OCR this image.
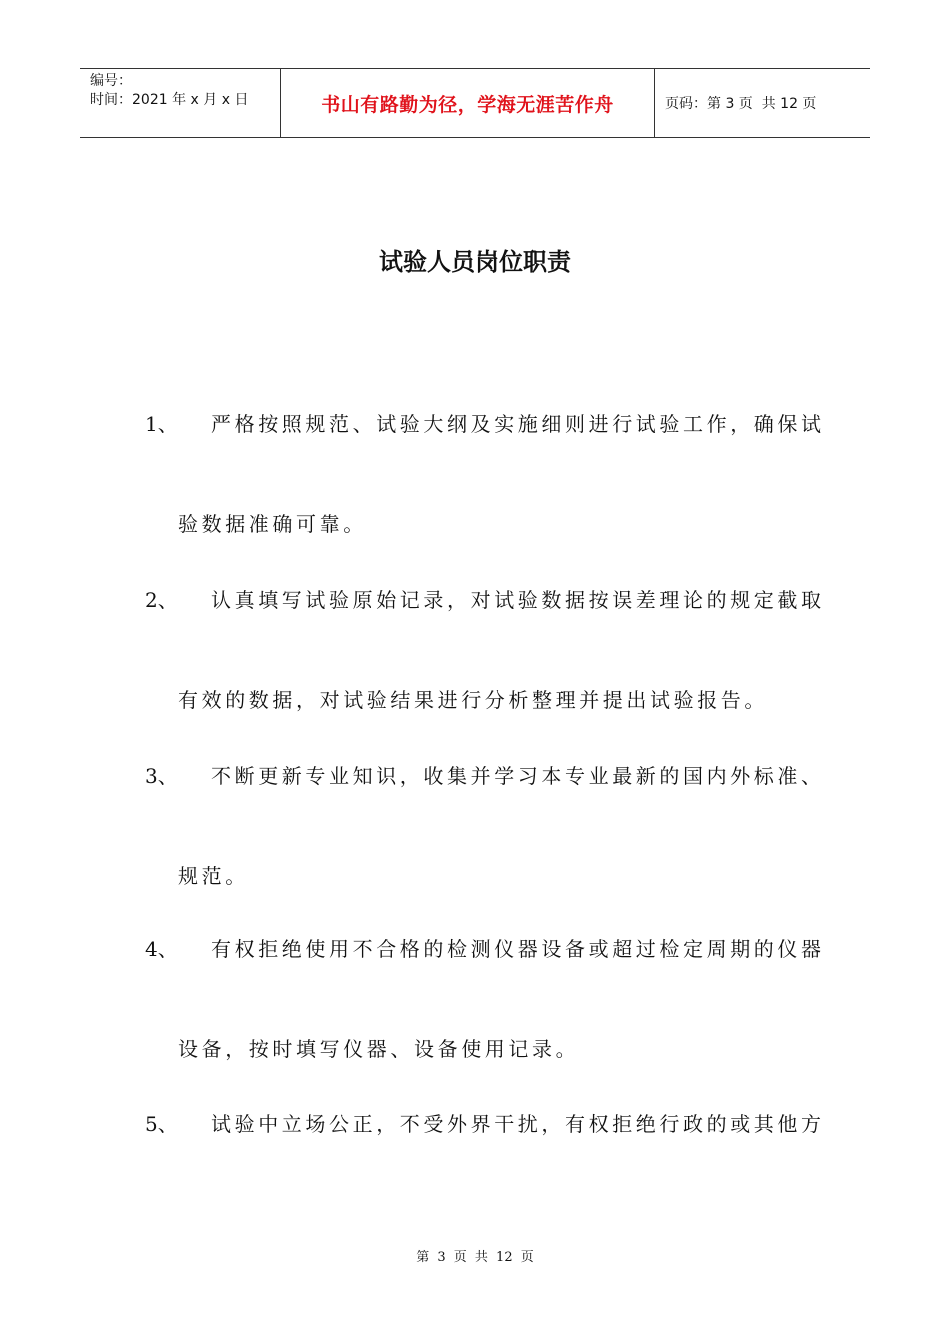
编号：
时间：2021 年 x 月 x 日	书山有路勤为径，学海无涯苦作舟	页码：第 3 页  共 12 页
试验人员岗位职责
1、 严格按照规范、试验大纲及实施细则进行试验工作，确保试
验数据准确可靠。
2、 认真填写试验原始记录，对试验数据按误差理论的规定截取
有效的数据，对试验结果进行分析整理并提出试验报告。
3、 不断更新专业知识，收集并学习本专业最新的国内外标准、
规范。
4、 有权拒绝使用不合格的检测仪器设备或超过检定周期的仪器
设备，按时填写仪器、设备使用记录。
5、 试验中立场公正，不受外界干扰，有权拒绝行政的或其他方
第 3 页 共 12 页
